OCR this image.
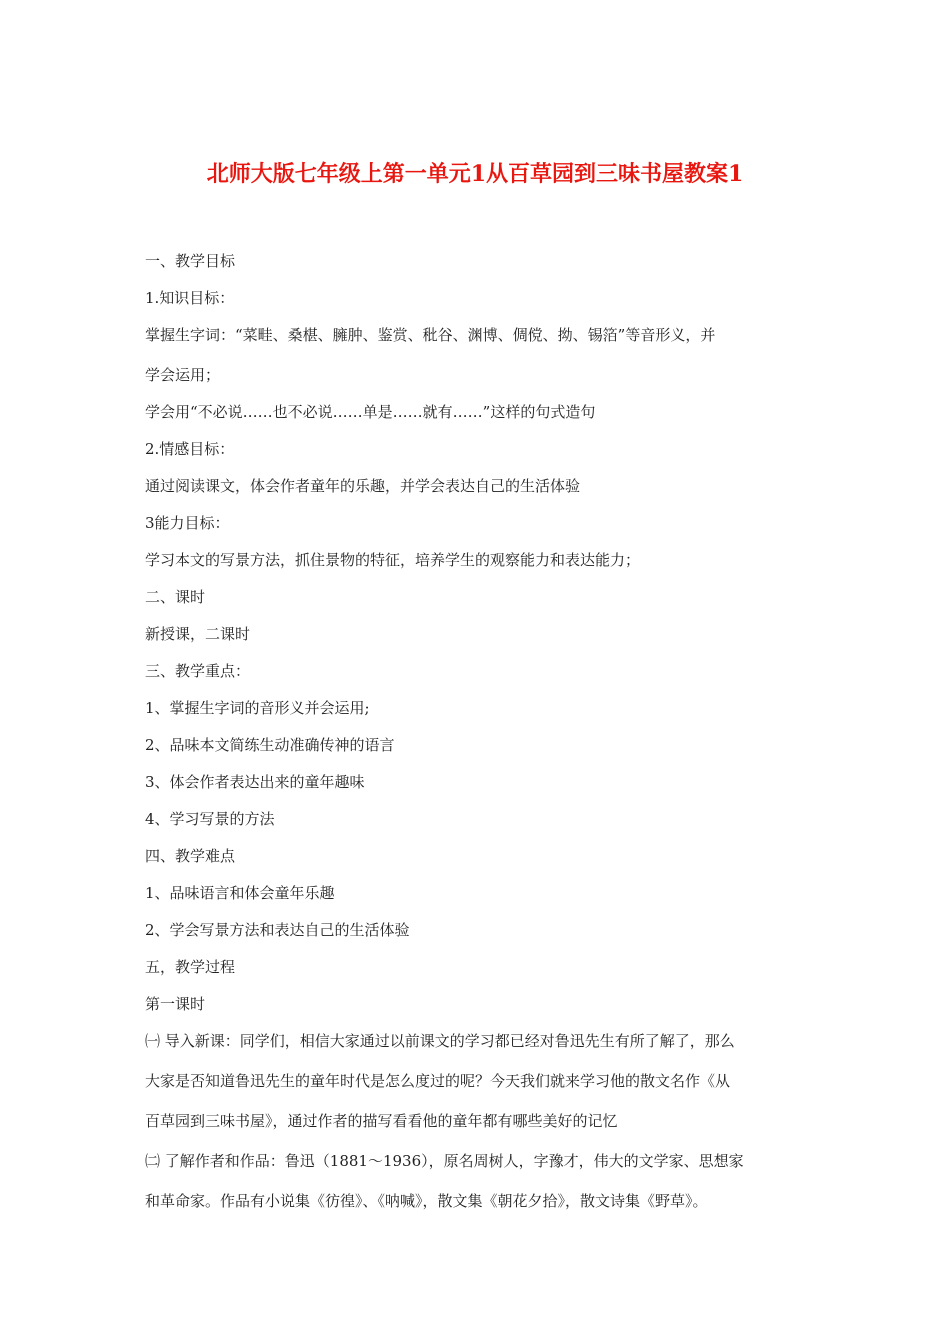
北师大版七年级上第一单元1从百草园到三味书屋教案1

一、教学目标

1.知识目标：

掌握生字词：“菜畦、桑椹、臃肿、鉴赏、秕谷、渊博、倜傥、拗、锡箔”等音形义，并

学会运用；

学会用“不必说……也不必说……单是……就有……”这样的句式造句

2.情感目标：

通过阅读课文，体会作者童年的乐趣，并学会表达自己的生活体验

3能力目标：

学习本文的写景方法，抓住景物的特征，培养学生的观察能力和表达能力；

二、课时

新授课，二课时

三、教学重点：

1、掌握生字词的音形义并会运用;

2、品味本文简练生动准确传神的语言

3、体会作者表达出来的童年趣味

4、学习写景的方法

四、教学难点

1、品味语言和体会童年乐趣

2、学会写景方法和表达自己的生活体验

五，教学过程

第一课时

㈠ 导入新课：同学们，相信大家通过以前课文的学习都已经对鲁迅先生有所了解了，那么

大家是否知道鲁迅先生的童年时代是怎么度过的呢？今天我们就来学习他的散文名作《从

百草园到三味书屋》，通过作者的描写看看他的童年都有哪些美好的记忆

㈡ 了解作者和作品：鲁迅（1881～1936），原名周树人，字豫才，伟大的文学家、思想家

和革命家。作品有小说集《彷徨》、《呐喊》，散文集《朝花夕拾》，散文诗集《野草》。
